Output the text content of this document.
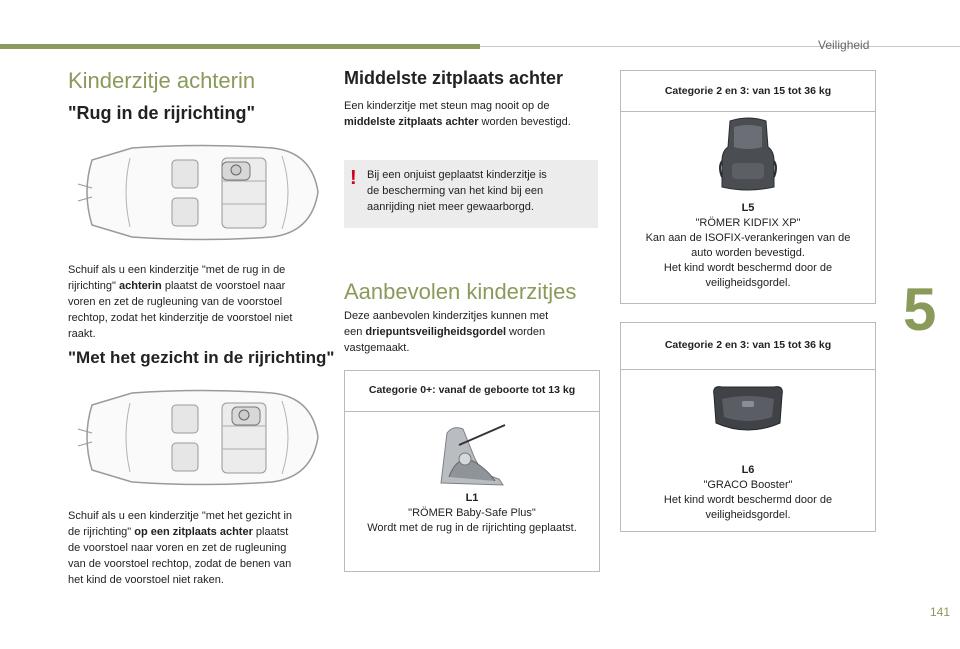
Veiligheid
5
141
Kinderzitje achterin
"Rug in de rijrichting"
Schuif als u een kinderzitje "met de rug in de
rijrichting" achterin plaatst de voorstoel naar
voren en zet de rugleuning van de voorstoel
rechtop, zodat het kinderzitje de voorstoel niet
raakt.
"Met het gezicht in de rijrichting"
Schuif als u een kinderzitje "met het gezicht in
de rijrichting" op een zitplaats achter plaatst
de voorstoel naar voren en zet de rugleuning
van de voorstoel rechtop, zodat de benen van
het kind de voorstoel niet raken.
Middelste zitplaats achter
Een kinderzitje met steun mag nooit op de
middelste zitplaats achter worden bevestigd.
! Bij een onjuist geplaatst kinderzitje is
de bescherming van het kind bij een
aanrijding niet meer gewaarborgd.
Aanbevolen kinderzitjes
Deze aanbevolen kinderzitjes kunnen met
een driepuntsveiligheidsgordel worden
vastgemaakt.
Categorie 0+: vanaf de geboorte tot 13 kg
L1
"RÖMER Baby-Safe Plus"
Wordt met de rug in de rijrichting geplaatst.
Categorie 2 en 3: van 15 tot 36 kg
L5
"RÖMER KIDFIX XP"
Kan aan de ISOFIX-verankeringen van de
auto worden bevestigd.
Het kind wordt beschermd door de
veiligheidsgordel.
Categorie 2 en 3: van 15 tot 36 kg
L6
"GRACO Booster"
Het kind wordt beschermd door de
veiligheidsgordel.
